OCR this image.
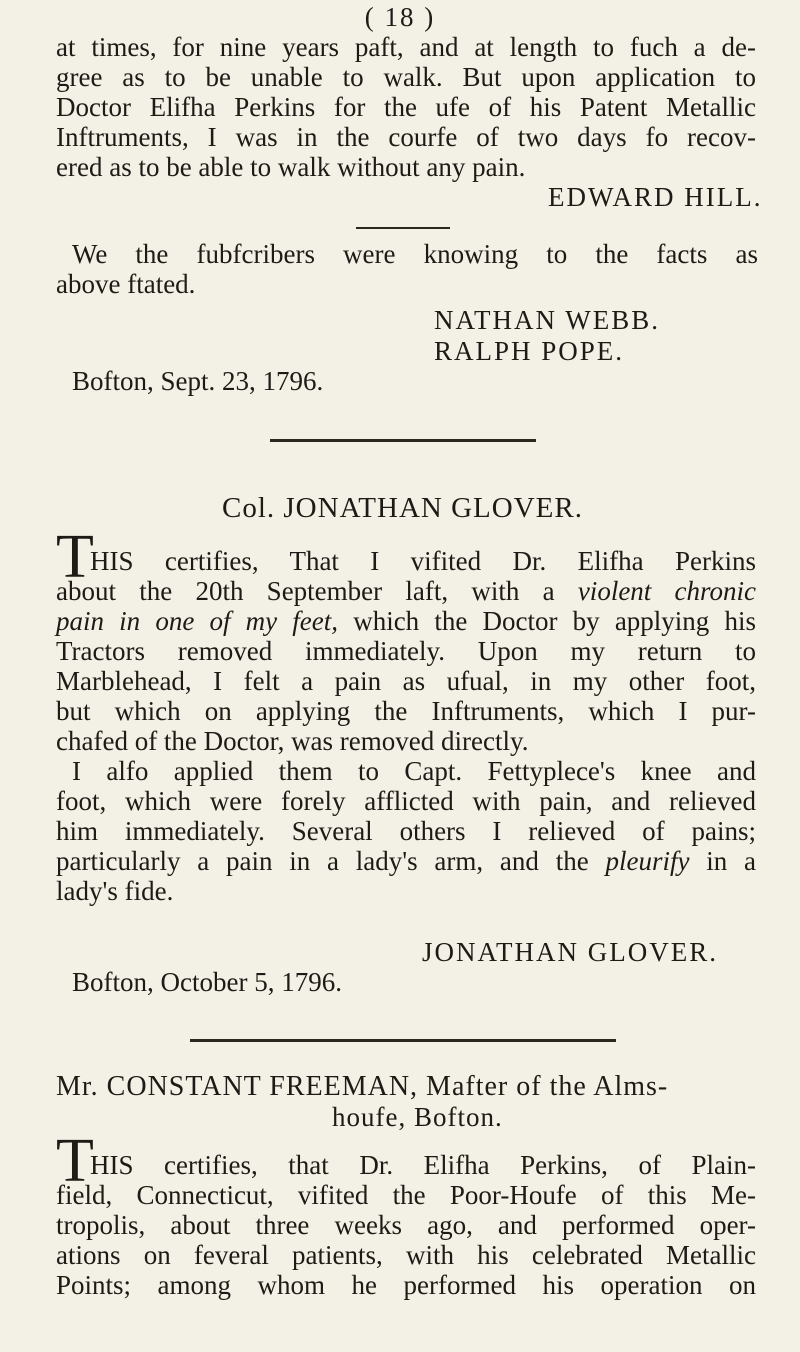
( 18 )
at times, for nine years paft, and at length to fuch a de-
gree as to be unable to walk. But upon application to
Doctor Elifha Perkins for the ufe of his Patent Metallic
Inftruments, I was in the courfe of two days fo recov-
ered as to be able to walk without any pain.
EDWARD HILL.
We the fubfcribers were knowing to the facts as
above ftated.
NATHAN WEBB.
RALPH POPE.
Bofton, Sept. 23, 1796.
Col. JONATHAN GLOVER.
T
HIS certifies, That I vifited Dr. Elifha Perkins
about the 20th September laft, with a violent chronic
pain in one of my feet, which the Doctor by applying his
Tractors removed immediately. Upon my return to
Marblehead, I felt a pain as ufual, in my other foot,
but which on applying the Inftruments, which I pur-
chafed of the Doctor, was removed directly.
I alfo applied them to Capt. Fettyplece's knee and
foot, which were forely afflicted with pain, and relieved
him immediately. Several others I relieved of pains;
particularly a pain in a lady's arm, and the pleurify in a
lady's fide.
JONATHAN GLOVER.
Bofton, October 5, 1796.
Mr. CONSTANT FREEMAN, Mafter of the Alms-
houfe, Bofton.
T
HIS certifies, that Dr. Elifha Perkins, of Plain-
field, Connecticut, vifited the Poor-Houfe of this Me-
tropolis, about three weeks ago, and performed oper-
ations on feveral patients, with his celebrated Metallic
Points; among whom he performed his operation on
